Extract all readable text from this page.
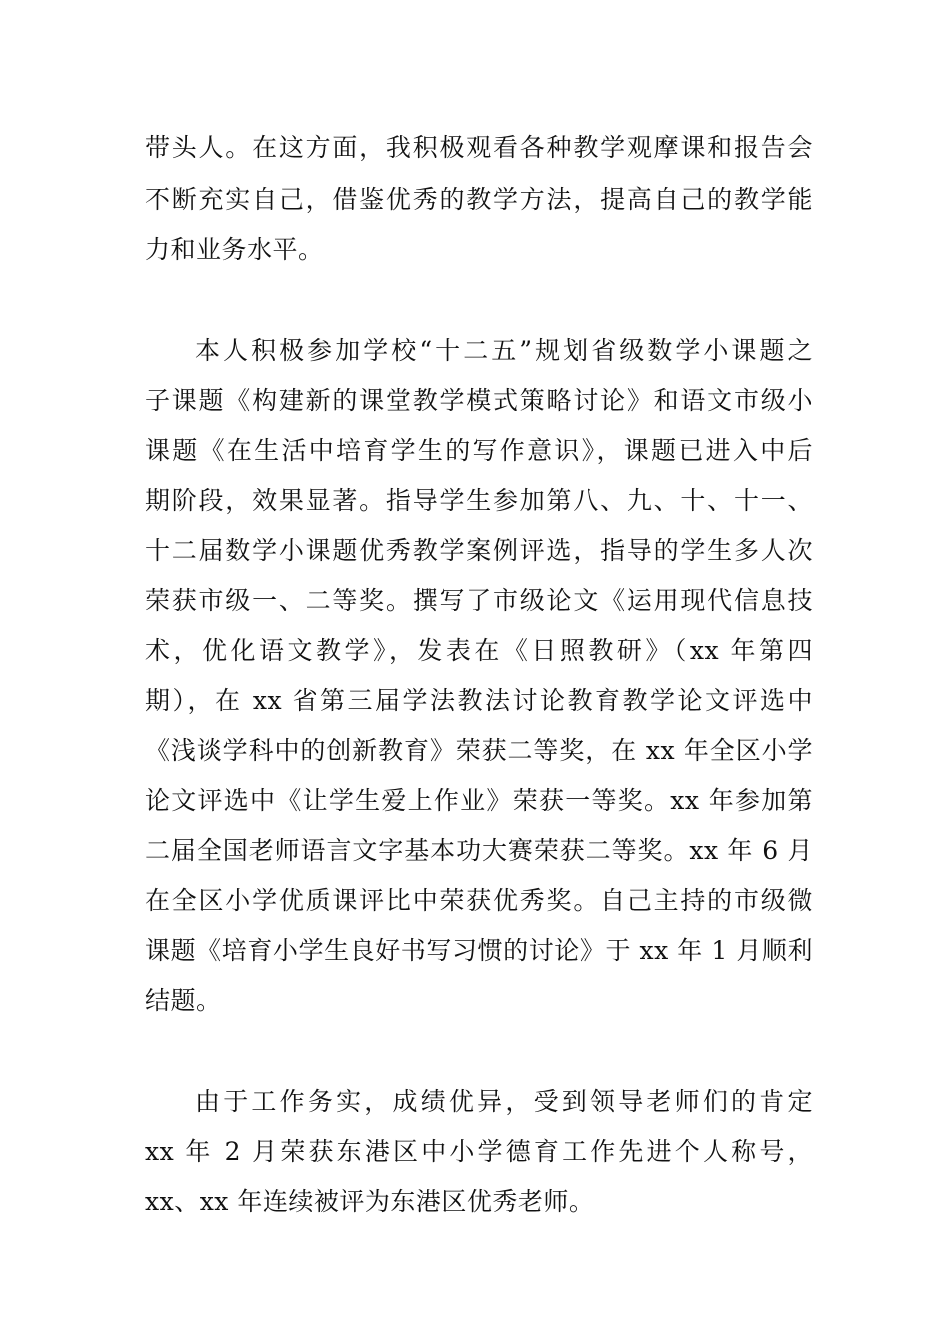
带头人。在这方面，我积极观看各种教学观摩课和报告会
不断充实自己，借鉴优秀的教学方法，提高自己的教学能
力和业务水平。
本人积极参加学校“十二五”规划省级数学小课题之
子课题《构建新的课堂教学模式策略讨论》和语文市级小
课题《在生活中培育学生的写作意识》，课题已进入中后
期阶段，效果显著。指导学生参加第八、九、十、十一、
十二届数学小课题优秀教学案例评选，指导的学生多人次
荣获市级一、二等奖。撰写了市级论文《运用现代信息技
术，优化语文教学》，发表在《日照教研》（xx 年第四
期），在 xx 省第三届学法教法讨论教育教学论文评选中
《浅谈学科中的创新教育》荣获二等奖，在 xx 年全区小学
论文评选中《让学生爱上作业》荣获一等奖。xx 年参加第
二届全国老师语言文字基本功大赛荣获二等奖。xx 年 6 月
在全区小学优质课评比中荣获优秀奖。自己主持的市级微
课题《培育小学生良好书写习惯的讨论》于 xx 年 1 月顺利
结题。
由于工作务实，成绩优异，受到领导老师们的肯定
xx 年 2 月荣获东港区中小学德育工作先进个人称号，
xx、xx 年连续被评为东港区优秀老师。
